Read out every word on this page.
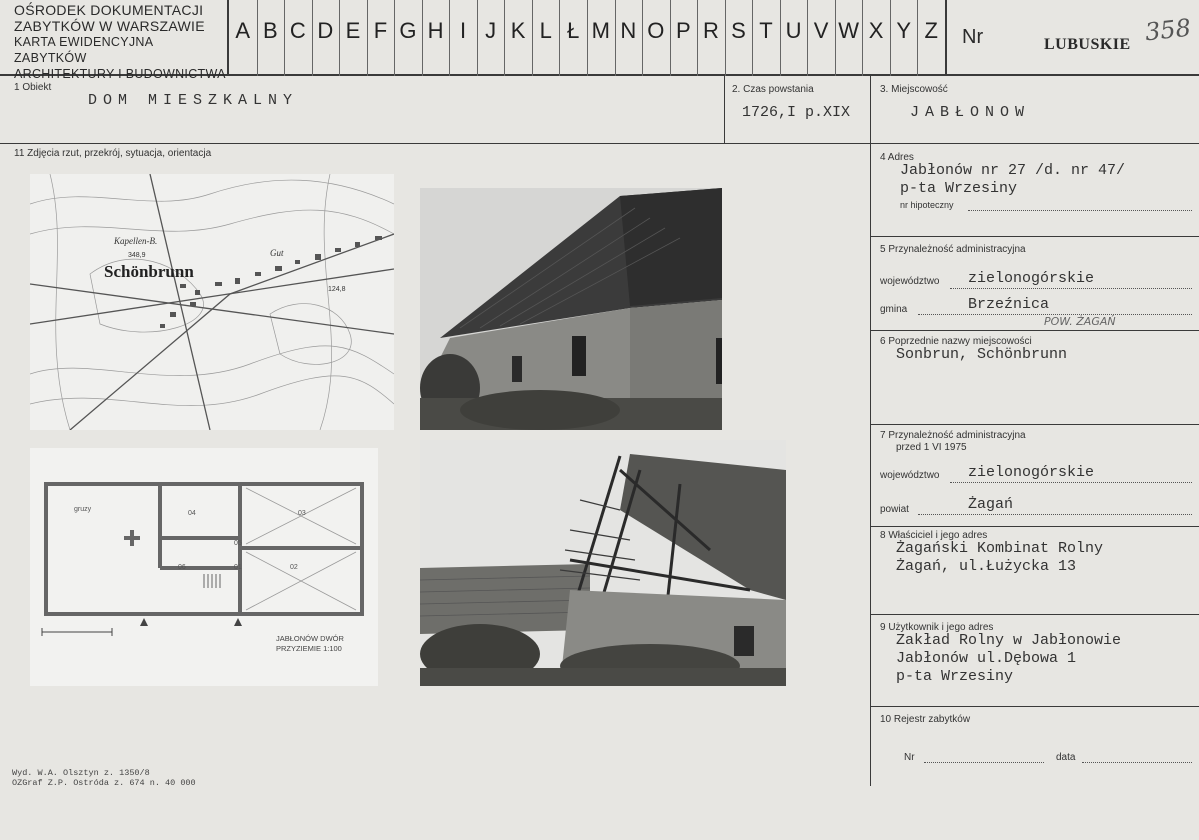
A B C D E F G H I J K L Ł M N O P R S T U V W X Y Z
OŚRODEK DOKUMENTACJI
ZABYTKÓW W WARSZAWIE
KARTA EWIDENCYJNA ZABYTKÓW
ARCHITEKTURY I BUDOWNICTWA
Nr	LUBUSKIE 358
1 Obiekt
DOM MIESZKALNY
2. Czas powstania
1726,I p.XIX
3. Miejscowość
JABŁONOW
11 Zdjęcia rzut, przekrój, sytuacja, orientacja	4 Adres
Jabłonów nr 27 /d. nr 47/
p-ta Wrzesiny
nr hipoteczny
5 Przynależność administracyjna
województwo zielonogórskie
gmina	Brzeźnica
POW. ŻAGAŃ
6 Poprzednie nazwy miejscowości
Sonbrun, Schönbrunn
7 Przynależność administracyjna
przed 1 VI 1975
województwo zielonogórskie
powiat	Żagań
8 Właściciel i jego adres
Żagański Kombinat Rolny
Żagań, ul.Łużycka 13
9 Użytkownik i jego adres
Zakład Rolny w Jabłonowie
Jabłonów ul.Dębowa 1
p-ta Wrzesiny
10 Rejestr zabytków
Nr	data
Schönbrunn
Kapellen-B.
Gut
348,9
124,8
gruzy
04	03
05
06	01	02
JABŁONÓW DWÓR
PRZYZIEMIE 1:100
Wyd. W.A. Olsztyn z. 1350/8
OZGraf Z.P. Ostróda z. 674 n. 40 000
